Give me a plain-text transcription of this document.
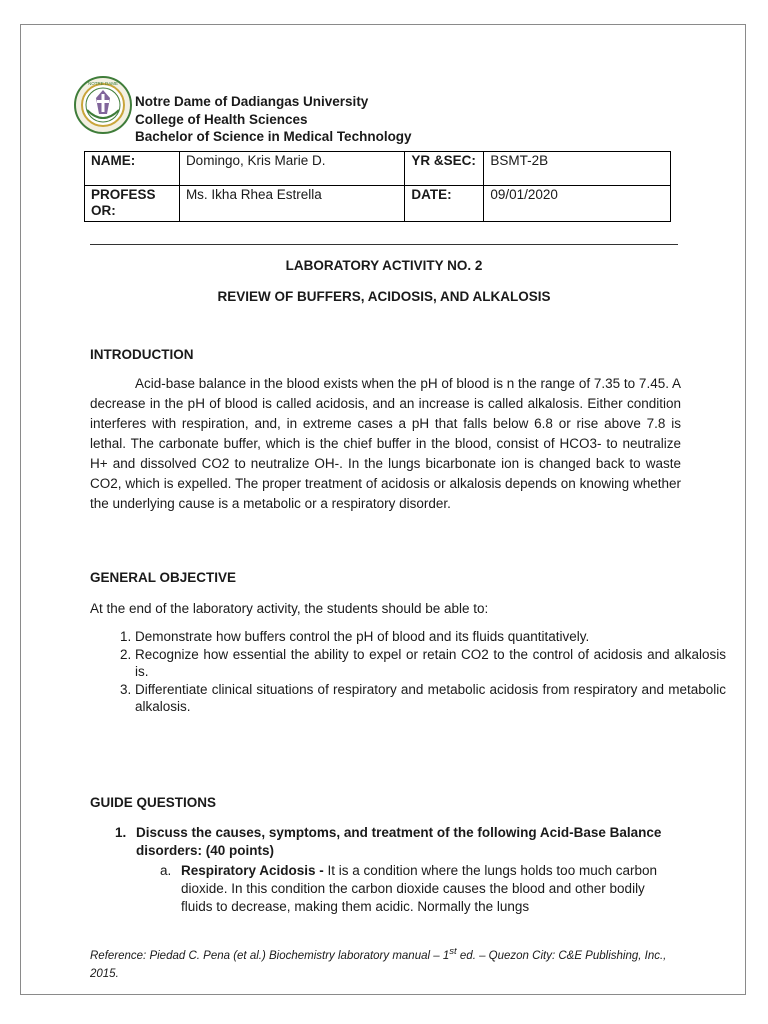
NOTRE DAME
Notre Dame of Dadiangas University
College of Health Sciences
Bachelor of Science in Medical Technology
NAME:	Domingo, Kris Marie D.	YR &SEC:	BSMT-2B
PROFESS OR:	Ms. Ikha Rhea Estrella	DATE:	09/01/2020
LABORATORY ACTIVITY NO. 2
REVIEW OF BUFFERS, ACIDOSIS, AND ALKALOSIS
INTRODUCTION

Acid-base balance in the blood exists when the pH of blood is n the range of 7.35 to 7.45. A decrease in the pH of blood is called acidosis, and an increase is called alkalosis. Either condition interferes with respiration, and, in extreme cases a pH that falls below 6.8 or rise above 7.8 is lethal. The carbonate buffer, which is the chief buffer in the blood, consist of HCO3- to neutralize H+ and dissolved CO2 to neutralize OH-. In the lungs bicarbonate ion is changed back to waste CO2, which is expelled. The proper treatment of acidosis or alkalosis depends on knowing whether the underlying cause is a metabolic or a respiratory disorder.

GENERAL OBJECTIVE
At the end of the laboratory activity, the students should be able to:
1. Demonstrate how buffers control the pH of blood and its fluids quantitatively.
2. Recognize how essential the ability to expel or retain CO2 to the control of acidosis and alkalosis is.
3. Differentiate clinical situations of respiratory and metabolic acidosis from respiratory and metabolic alkalosis.
GUIDE QUESTIONS
1. Discuss the causes, symptoms, and treatment of the following Acid-Base Balance disorders: (40 points)
a. Respiratory Acidosis - It is a condition where the lungs holds too much carbon dioxide. In this condition the carbon dioxide causes the blood and other bodily fluids to decrease, making them acidic. Normally the lungs
Reference: Piedad C. Pena (et al.) Biochemistry laboratory manual – 1st ed. – Quezon City: C&E Publishing, Inc., 2015.
